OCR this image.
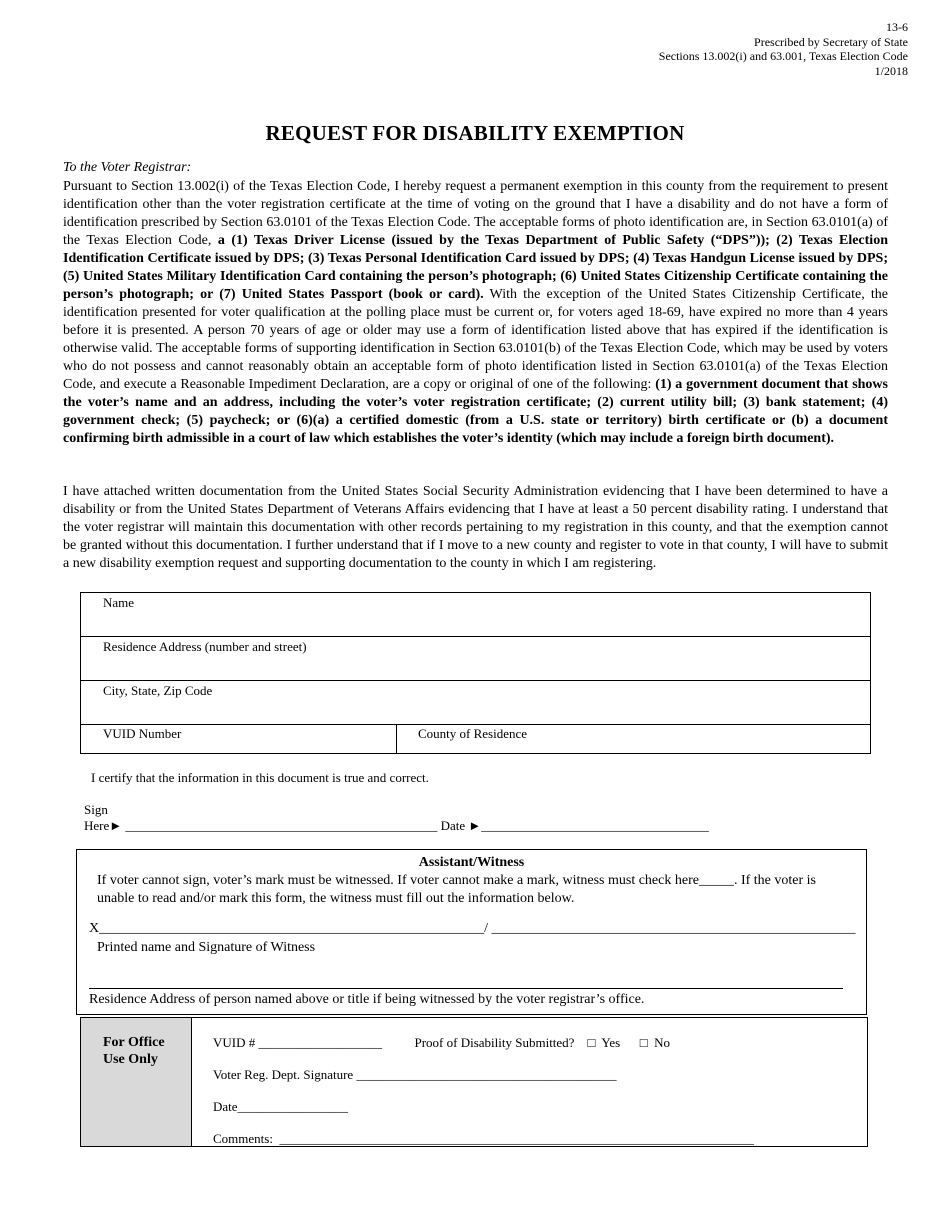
13-6
Prescribed by Secretary of State
Sections 13.002(i) and 63.001, Texas Election Code
1/2018
REQUEST FOR DISABILITY EXEMPTION
To the Voter Registrar:
Pursuant to Section 13.002(i) of the Texas Election Code, I hereby request a permanent exemption in this county from the requirement to present identification other than the voter registration certificate at the time of voting on the ground that I have a disability and do not have a form of identification prescribed by Section 63.0101 of the Texas Election Code. The acceptable forms of photo identification are, in Section 63.0101(a) of the Texas Election Code, a (1) Texas Driver License (issued by the Texas Department of Public Safety (“DPS”)); (2) Texas Election Identification Certificate issued by DPS; (3) Texas Personal Identification Card issued by DPS; (4) Texas Handgun License issued by DPS; (5) United States Military Identification Card containing the person’s photograph; (6) United States Citizenship Certificate containing the person’s photograph; or (7) United States Passport (book or card). With the exception of the United States Citizenship Certificate, the identification presented for voter qualification at the polling place must be current or, for voters aged 18-69, have expired no more than 4 years before it is presented. A person 70 years of age or older may use a form of identification listed above that has expired if the identification is otherwise valid. The acceptable forms of supporting identification in Section 63.0101(b) of the Texas Election Code, which may be used by voters who do not possess and cannot reasonably obtain an acceptable form of photo identification listed in Section 63.0101(a) of the Texas Election Code, and execute a Reasonable Impediment Declaration, are a copy or original of one of the following: (1) a government document that shows the voter’s name and an address, including the voter’s voter registration certificate; (2) current utility bill; (3) bank statement; (4) government check; (5) paycheck; or (6)(a) a certified domestic (from a U.S. state or territory) birth certificate or (b) a document confirming birth admissible in a court of law which establishes the voter’s identity (which may include a foreign birth document).
I have attached written documentation from the United States Social Security Administration evidencing that I have been determined to have a disability or from the United States Department of Veterans Affairs evidencing that I have at least a 50 percent disability rating. I understand that the voter registrar will maintain this documentation with other records pertaining to my registration in this county, and that the exemption cannot be granted without this documentation. I further understand that if I move to a new county and register to vote in that county, I will have to submit a new disability exemption request and supporting documentation to the county in which I am registering.
Name
Residence Address (number and street)
City, State, Zip Code
VUID Number	County of Residence
I certify that the information in this document is true and correct.
Sign
Here► ________________________________________________ Date ►___________________________________
Assistant/Witness
If voter cannot sign, voter’s mark must be witnessed. If voter cannot make a mark, witness must check here_____. If the voter is unable to read and/or mark this form, the witness must fill out the information below.
X_______________________________________________________/ ____________________________________________________
Printed name and Signature of Witness
Residence Address of person named above or title if being witnessed by the voter registrar’s office.
For Office
Use Only
VUID # ___________________          Proof of Disability Submitted?    □  Yes      □  No
Voter Reg. Dept. Signature ________________________________________
Date_________________
Comments:  _________________________________________________________________________
